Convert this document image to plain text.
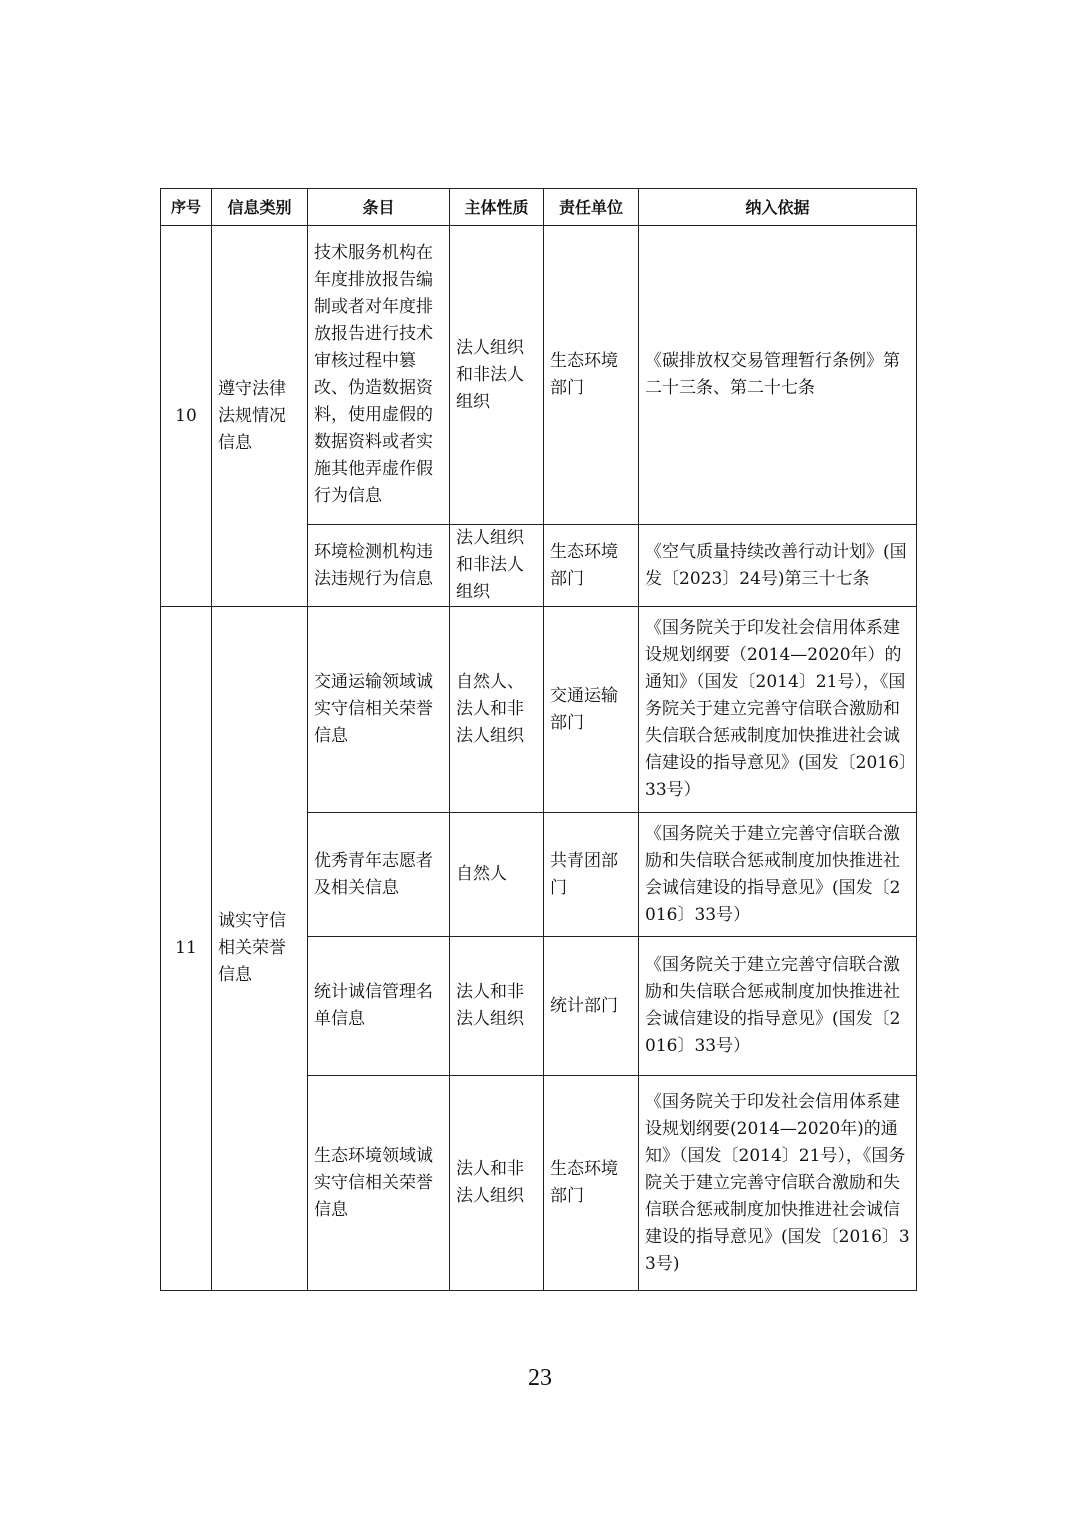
序号	信息类别	条目	主体性质	责任单位	纳入依据
10	遵守法律法规情况信息	技术服务机构在年度排放报告编制或者对年度排放报告进行技术审核过程中篡改、伪造数据资料，使用虚假的数据资料或者实施其他弄虚作假行为信息	法人组织和非法人组织	生态环境部门	《碳排放权交易管理暂行条例》第二十三条、第二十七条
		环境检测机构违法违规行为信息	法人组织和非法人组织	生态环境部门	《空气质量持续改善行动计划》(国发〔2023〕24号)第三十七条
11	诚实守信相关荣誉信息	交通运输领域诚实守信相关荣誉信息	自然人、法人和非法人组织	交通运输部门	《国务院关于印发社会信用体系建设规划纲要（2014—2020年）的通知》（国发〔2014〕21号），《国务院关于建立完善守信联合激励和失信联合惩戒制度加快推进社会诚信建设的指导意见》(国发〔2016〕33号）
		优秀青年志愿者及相关信息	自然人	共青团部门	《国务院关于建立完善守信联合激励和失信联合惩戒制度加快推进社会诚信建设的指导意见》(国发〔2016〕33号）
		统计诚信管理名单信息	法人和非法人组织	统计部门	《国务院关于建立完善守信联合激励和失信联合惩戒制度加快推进社会诚信建设的指导意见》(国发〔2016〕33号）
		生态环境领域诚实守信相关荣誉信息	法人和非法人组织	生态环境部门	《国务院关于印发社会信用体系建设规划纲要(2014—2020年)的通知》（国发〔2014〕21号），《国务院关于建立完善守信联合激励和失信联合惩戒制度加快推进社会诚信建设的指导意见》(国发〔2016〕33号)
23
